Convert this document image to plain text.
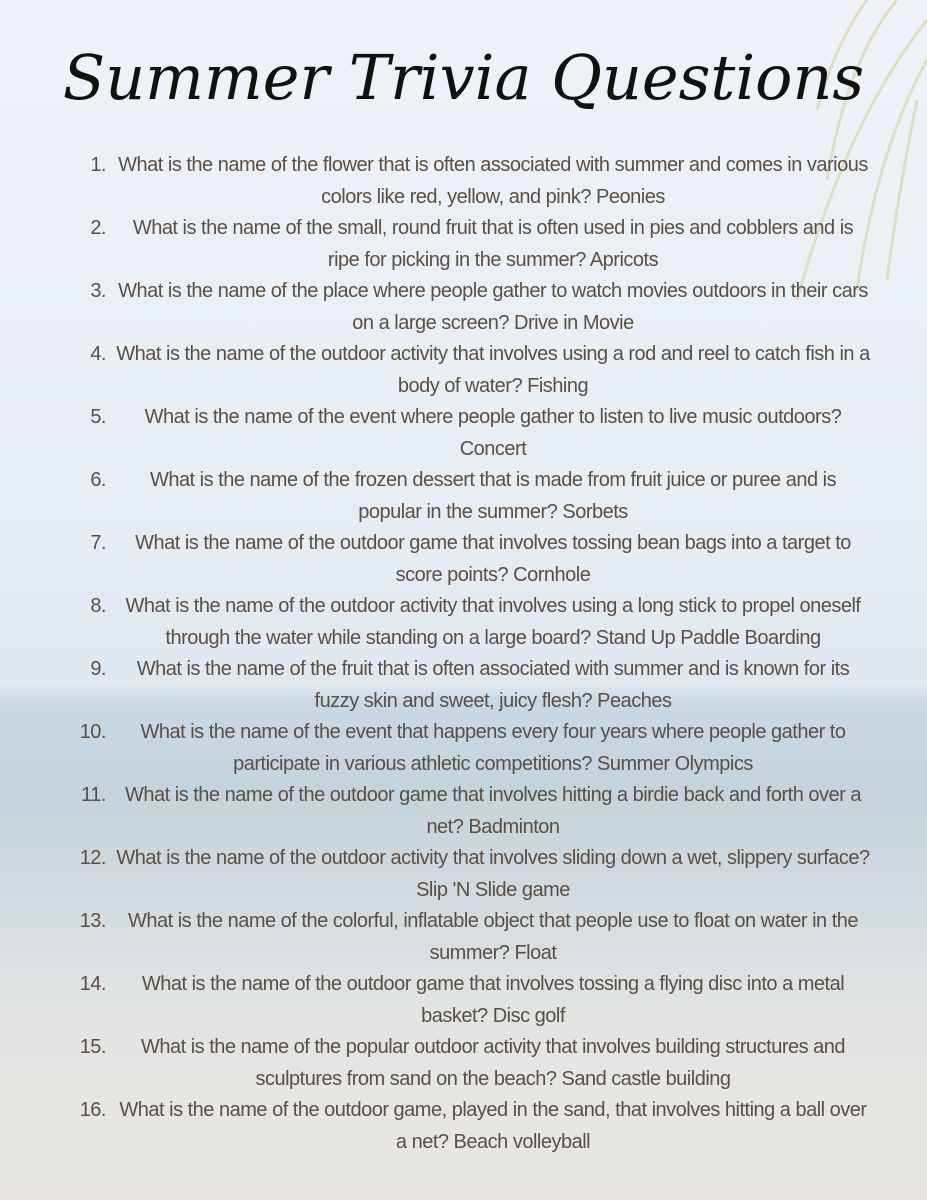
Summer Trivia Questions
1. What is the name of the flower that is often associated with summer and comes in various colors like red, yellow, and pink? Peonies
2.	What is the name of the small, round fruit that is often used in pies and cobblers and is ripe for picking in the summer? Apricots
3. What is the name of the place where people gather to watch movies outdoors in their cars on a large screen? Drive in Movie
4. What is the name of the outdoor activity that involves using a rod and reel to catch fish in a body of water? Fishing
5.	What is the name of the event where people gather to listen to live music outdoors? Concert
6.	What is the name of the frozen dessert that is made from fruit juice or puree and is popular in the summer? Sorbets
7.	What is the name of the outdoor game that involves tossing bean bags into a target to score points? Cornhole
8. What is the name of the outdoor activity that involves using a long stick to propel oneself through the water while standing on a large board? Stand Up Paddle Boarding
9.	What is the name of the fruit that is often associated with summer and is known for its fuzzy skin and sweet, juicy flesh? Peaches
10.	What is the name of the event that happens every four years where people gather to participate in various athletic competitions? Summer Olympics
11. What is the name of the outdoor game that involves hitting a birdie back and forth over a net? Badminton
12. What is the name of the outdoor activity that involves sliding down a wet, slippery surface? Slip 'N Slide game
13.	What is the name of the colorful, inflatable object that people use to float on water in the summer? Float
14.	What is the name of the outdoor game that involves tossing a flying disc into a metal basket? Disc golf
15.	What is the name of the popular outdoor activity that involves building structures and sculptures from sand on the beach? Sand castle building
16. What is the name of the outdoor game, played in the sand, that involves hitting a ball over a net? Beach volleyball
